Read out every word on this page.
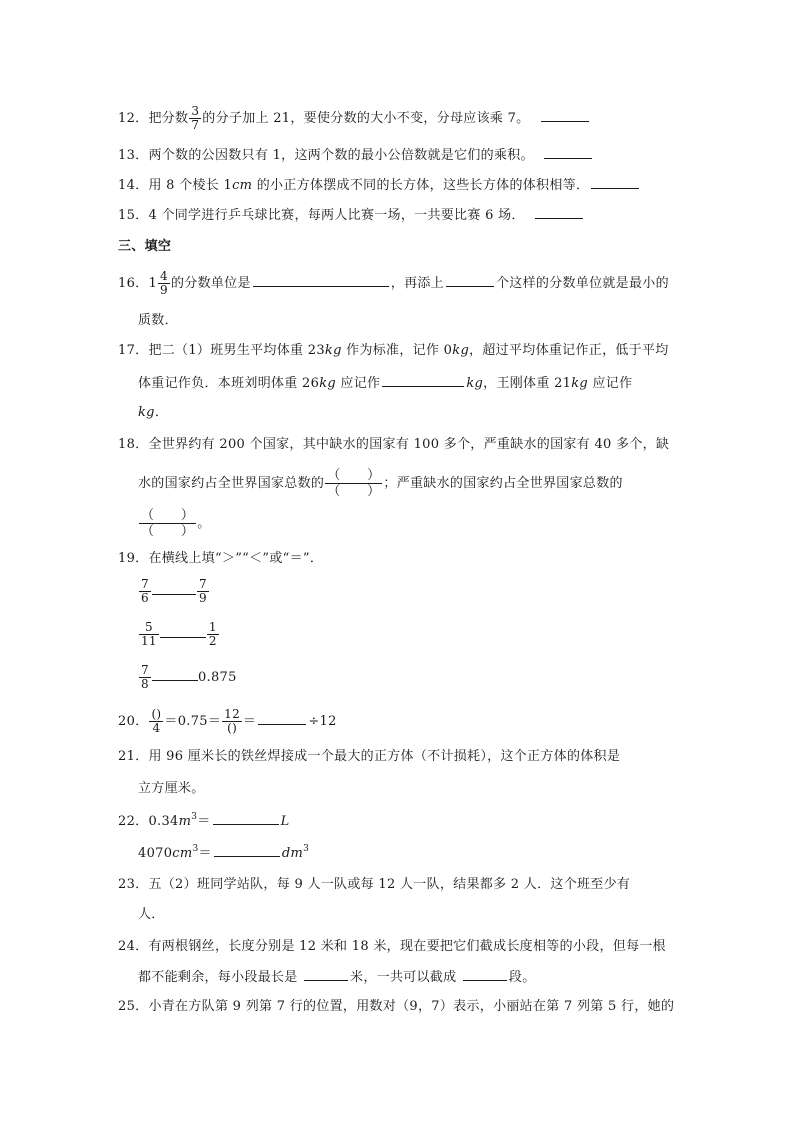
12．把分数 $\frac{3}{7}$ 的分子加上 21，要使分数的大小不变，分母应该乘 7。
13．两个数的公因数只有 1，这两个数的最小公倍数就是它们的乘积。
14．用 8 个棱长 1cm 的小正方体摆成不同的长方体，这些长方体的体积相等．
15．4 个同学进行乒乓球比赛，每两人比赛一场，一共要比赛 6 场．
三、填空
16．$1 \frac{4}{9}$ 的分数单位是	，再添上	个这样的分数单位就是最小的
质数．
17．把二（1）班男生平均体重 23kg 作为标准，记作 0kg，超过平均体重记作正，低于平均
体重记作负．本班刘明体重 26kg 应记作	kg，王刚体重 21kg 应记作
kg．
18．全世界约有 200 个国家，其中缺水的国家有 100 多个，严重缺水的国家有 40 多个，缺
水的国家约占全世界国家总数的 $\frac{( )}{( )}$ ；严重缺水的国家约占全世界国家总数的
$\frac{( )}{( )}$ 。
19．在横线上填“＞”“＜”或“＝”．
$\frac{7}{6}$	$\frac{7}{9}$
$\frac{5}{11}$	$\frac{1}{2}$
$\frac{7}{8}$	0.875
20． $\frac{()}{4} =0.75= \frac{12}{()}$ ＝	÷12
21．用 96 厘米长的铁丝焊接成一个最大的正方体（不计损耗），这个正方体的体积是
立方厘米。
22．$0.34m^3=$	L
$4070cm^3=$	$dm^3$
23．五（2）班同学站队，每 9 人一队或每 12 人一队，结果都多 2 人．这个班至少有
人．
24．有两根钢丝，长度分别是 12 米和 18 米，现在要把它们截成长度相等的小段，但每一根
都不能剩余，每小段最长是	米，一共可以截成	段。
25．小青在方队第 9 列第 7 行的位置，用数对（9，7）表示，小丽站在第 7 列第 5 行，她的
